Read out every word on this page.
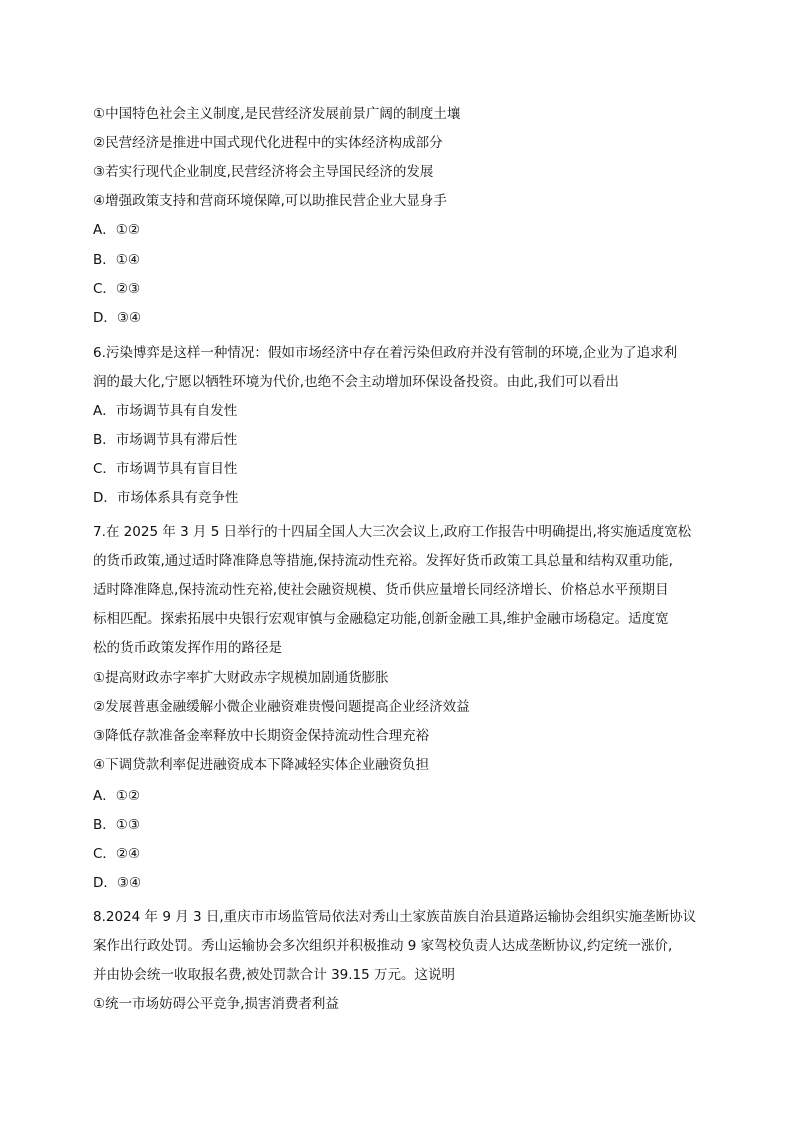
①中国特色社会主义制度,是民营经济发展前景广阔的制度土壤
②民营经济是推进中国式现代化进程中的实体经济构成部分
③若实行现代企业制度,民营经济将会主导国民经济的发展
④增强政策支持和营商环境保障,可以助推民营企业大显身手
A．①②
B．①④
C．②③
D．③④
6.污染博弈是这样一种情况：假如市场经济中存在着污染但政府并没有管制的环境,企业为了追求利
润的最大化,宁愿以牺牲环境为代价,也绝不会主动增加环保设备投资。由此,我们可以看出
A．市场调节具有自发性
B．市场调节具有滞后性
C．市场调节具有盲目性
D．市场体系具有竞争性
7.在 2025 年 3 月 5 日举行的十四届全国人大三次会议上,政府工作报告中明确提出,将实施适度宽松
的货币政策,通过适时降准降息等措施,保持流动性充裕。发挥好货币政策工具总量和结构双重功能,
适时降准降息,保持流动性充裕,使社会融资规模、货币供应量增长同经济增长、价格总水平预期目
标相匹配。探索拓展中央银行宏观审慎与金融稳定功能,创新金融工具,维护金融市场稳定。适度宽
松的货币政策发挥作用的路径是
①提高财政赤字率扩大财政赤字规模加剧通货膨胀
②发展普惠金融缓解小微企业融资难贵慢问题提高企业经济效益
③降低存款准备金率释放中长期资金保持流动性合理充裕
④下调贷款利率促进融资成本下降减轻实体企业融资负担
A．①②
B．①③
C．②④
D．③④
8.2024 年 9 月 3 日,重庆市市场监管局依法对秀山土家族苗族自治县道路运输协会组织实施垄断协议
案作出行政处罚。秀山运输协会多次组织并积极推动 9 家驾校负责人达成垄断协议,约定统一涨价,
并由协会统一收取报名费,被处罚款合计 39.15 万元。这说明
①统一市场妨碍公平竞争,损害消费者利益
